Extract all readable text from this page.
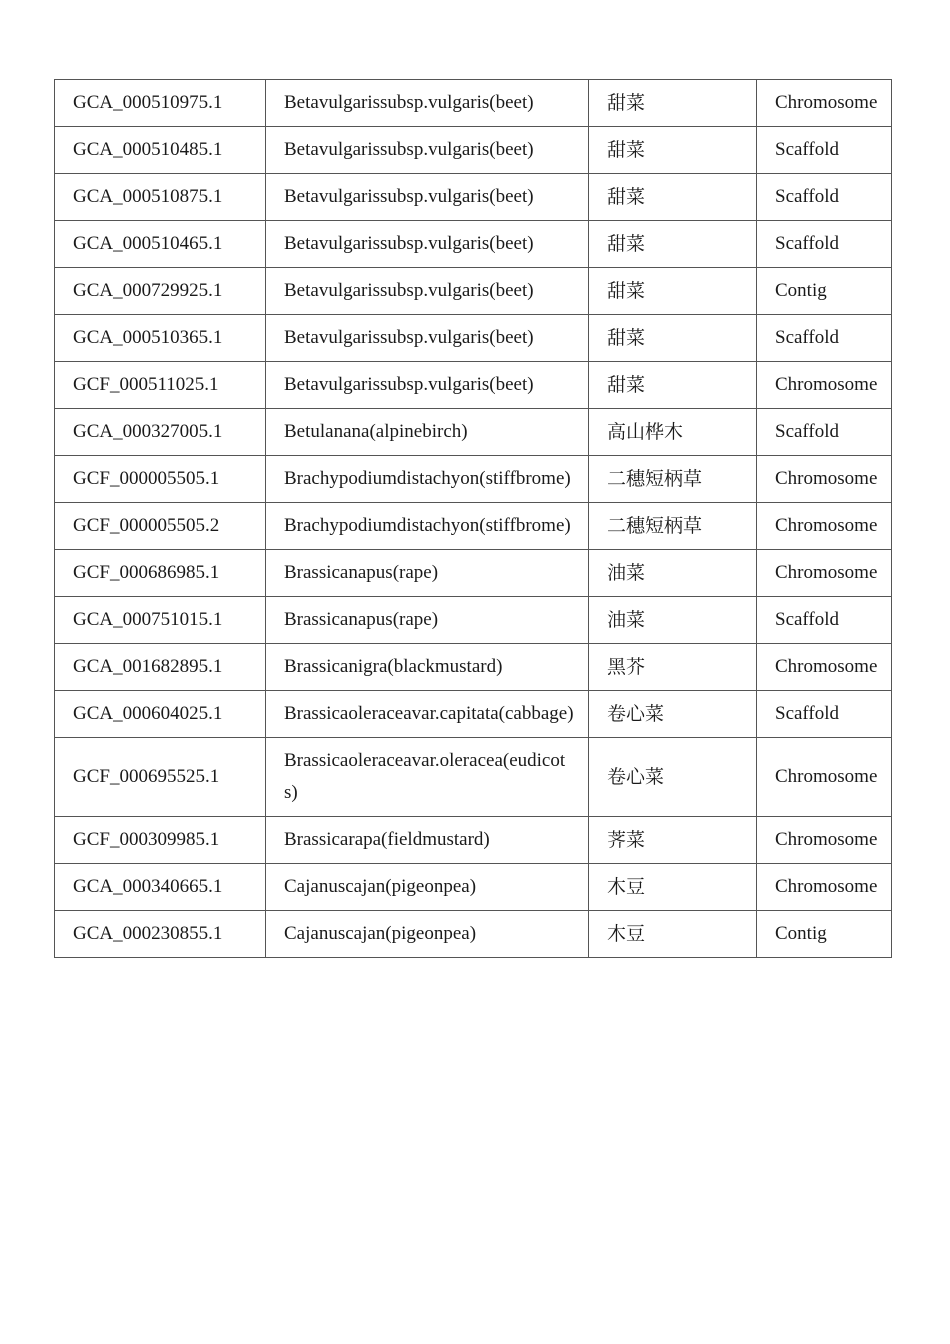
GCA_000510975.1	Betavulgarissubsp.vulgaris(beet)	甜菜	Chromosome
GCA_000510485.1	Betavulgarissubsp.vulgaris(beet)	甜菜	Scaffold
GCA_000510875.1	Betavulgarissubsp.vulgaris(beet)	甜菜	Scaffold
GCA_000510465.1	Betavulgarissubsp.vulgaris(beet)	甜菜	Scaffold
GCA_000729925.1	Betavulgarissubsp.vulgaris(beet)	甜菜	Contig
GCA_000510365.1	Betavulgarissubsp.vulgaris(beet)	甜菜	Scaffold
GCF_000511025.1	Betavulgarissubsp.vulgaris(beet)	甜菜	Chromosome
GCA_000327005.1	Betulanana(alpinebirch)	高山桦木	Scaffold
GCF_000005505.1	Brachypodiumdistachyon(stiffbrome)	二穗短柄草	Chromosome
GCF_000005505.2	Brachypodiumdistachyon(stiffbrome)	二穗短柄草	Chromosome
GCF_000686985.1	Brassicanapus(rape)	油菜	Chromosome
GCA_000751015.1	Brassicanapus(rape)	油菜	Scaffold
GCA_001682895.1	Brassicanigra(blackmustard)	黑芥	Chromosome
GCA_000604025.1	Brassicaoleraceavar.capitata(cabbage)	卷心菜	Scaffold
GCF_000695525.1	Brassicaoleraceavar.oleracea(eudicots)	卷心菜	Chromosome
GCF_000309985.1	Brassicarapa(fieldmustard)	荠菜	Chromosome
GCA_000340665.1	Cajanuscajan(pigeonpea)	木豆	Chromosome
GCA_000230855.1	Cajanuscajan(pigeonpea)	木豆	Contig
